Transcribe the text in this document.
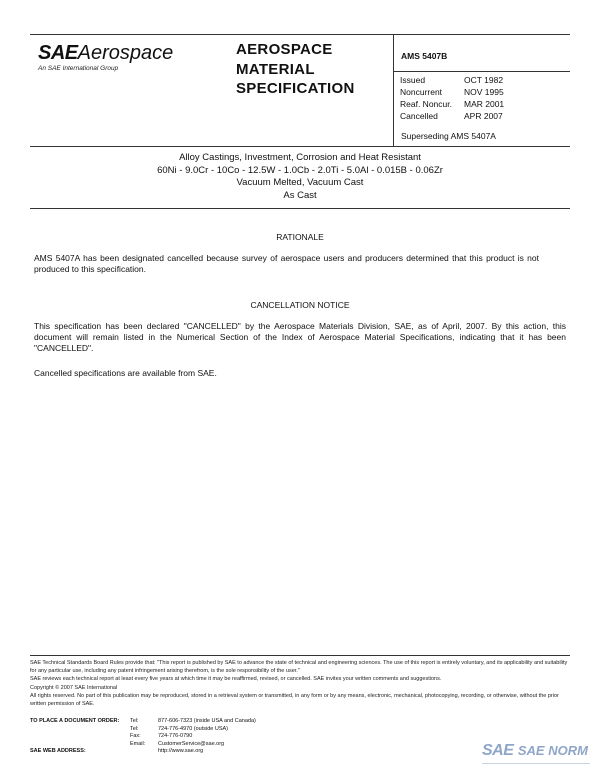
SAEAerospace
An SAE International Group
AEROSPACE
MATERIAL
SPECIFICATION
AMS 5407B
Issued	OCT 1982
Noncurrent	NOV 1995
Reaf. Noncur.	MAR 2001
Cancelled	APR 2007
Superseding AMS 5407A
Alloy Castings, Investment, Corrosion and Heat Resistant
60Ni - 9.0Cr - 10Co - 12.5W - 1.0Cb - 2.0Ti - 5.0Al - 0.015B - 0.06Zr
Vacuum Melted, Vacuum Cast
As Cast
RATIONALE
AMS 5407A has been designated cancelled because survey of aerospace users and producers determined that this product is not produced to this specification.
CANCELLATION NOTICE
This specification has been declared "CANCELLED" by the Aerospace Materials Division, SAE, as of April, 2007. By this action, this document will remain listed in the Numerical Section of the Index of Aerospace Material Specifications, indicating that it has been "CANCELLED".
Cancelled specifications are available from SAE.
SAE Technical Standards Board Rules provide that: "This report is published by SAE to advance the state of technical and engineering sciences. The use of this report is entirely voluntary, and its applicability and suitability for any particular use, including any patent infringement arising therefrom, is the sole responsibility of the user."
SAE reviews each technical report at least every five years at which time it may be reaffirmed, revised, or cancelled. SAE invites your written comments and suggestions.
Copyright © 2007 SAE International
All rights reserved. No part of this publication may be reproduced, stored in a retrieval system or transmitted, in any form or by any means, electronic, mechanical, photocopying, recording, or otherwise, without the prior written permission of SAE.
TO PLACE A DOCUMENT ORDER:	Tel:	877-606-7323 (inside USA and Canada)
	Tel:	724-776-4970 (outside USA)
	Fax:	724-776-0790
	Email:	CustomerService@sae.org
SAE WEB ADDRESS:		http://www.sae.org	SAE SAE NORM
